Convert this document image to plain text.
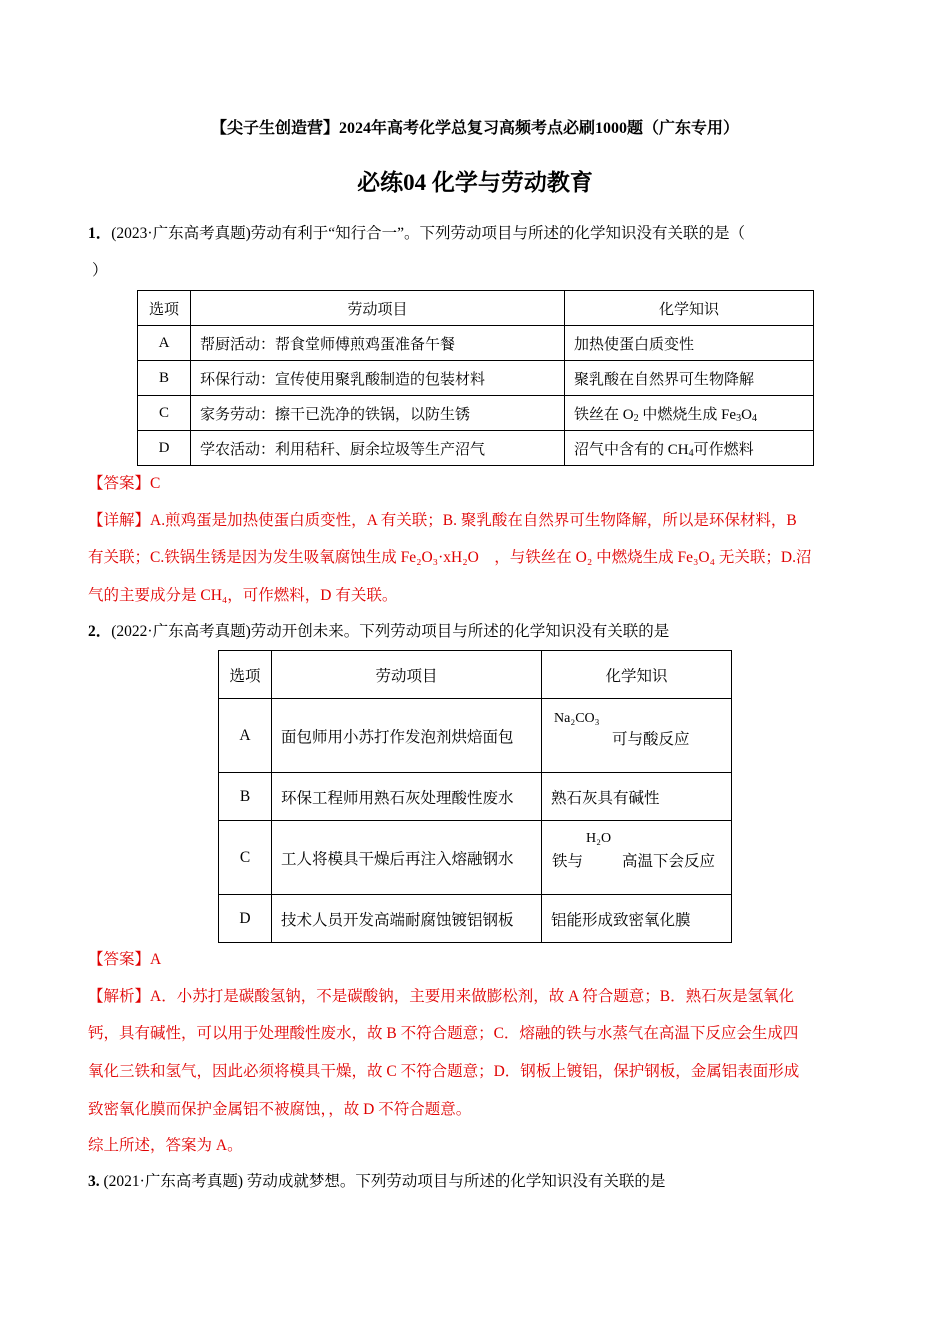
【尖子生创造营】2024年高考化学总复习高频考点必刷1000题（广东专用）
必练04 化学与劳动教育
1．(2023·广东高考真题)劳动有利于“知行合一”。下列劳动项目与所述的化学知识没有关联的是（
）
选项	劳动项目	化学知识
A	帮厨活动：帮食堂师傅煎鸡蛋准备午餐	加热使蛋白质变性
B	环保行动：宣传使用聚乳酸制造的包装材料	聚乳酸在自然界可生物降解
C	家务劳动：擦干已洗净的铁锅，以防生锈	铁丝在 $O_2$ 中燃烧生成 $Fe_3O_4$
D	学农活动：利用秸秆、厨余垃圾等生产沼气	沼气中含有的 $CH_4$可作燃料
【答案】C
【详解】A.煎鸡蛋是加热使蛋白质变性，A 有关联；B. 聚乳酸在自然界可生物降解，所以是环保材料，B
有关联；C.铁锅生锈是因为发生吸氧腐蚀生成 Fe₂O₃·xH₂O　，与铁丝在 O₂ 中燃烧生成 Fe₃O₄ 无关联；D.沼
气的主要成分是 CH₄，可作燃料，D 有关联。
2．(2022·广东高考真题)劳动开创未来。下列劳动项目与所述的化学知识没有关联的是
选项	劳动项目	化学知识
A	面包师用小苏打作发泡剂烘焙面包	Na₂CO₃
可与酸反应

B	环保工程师用熟石灰处理酸性废水	熟石灰具有碱性
C	工人将模具干燥后再注入熔融钢水	H₂O
铁与 高温下会反应

D	技术人员开发高端耐腐蚀镀铝钢板	铝能形成致密氧化膜
【答案】A
【解析】A．小苏打是碳酸氢钠，不是碳酸钠，主要用来做膨松剂，故 A 符合题意；B．熟石灰是氢氧化
钙，具有碱性，可以用于处理酸性废水，故 B 不符合题意；C．熔融的铁与水蒸气在高温下反应会生成四
氧化三铁和氢气，因此必须将模具干燥，故 C 不符合题意；D．钢板上镀铝，保护钢板，金属铝表面形成
致密氧化膜而保护金属铝不被腐蚀，，故 D 不符合题意。
综上所述，答案为 A。
3. (2021·广东高考真题) 劳动成就梦想。下列劳动项目与所述的化学知识没有关联的是
